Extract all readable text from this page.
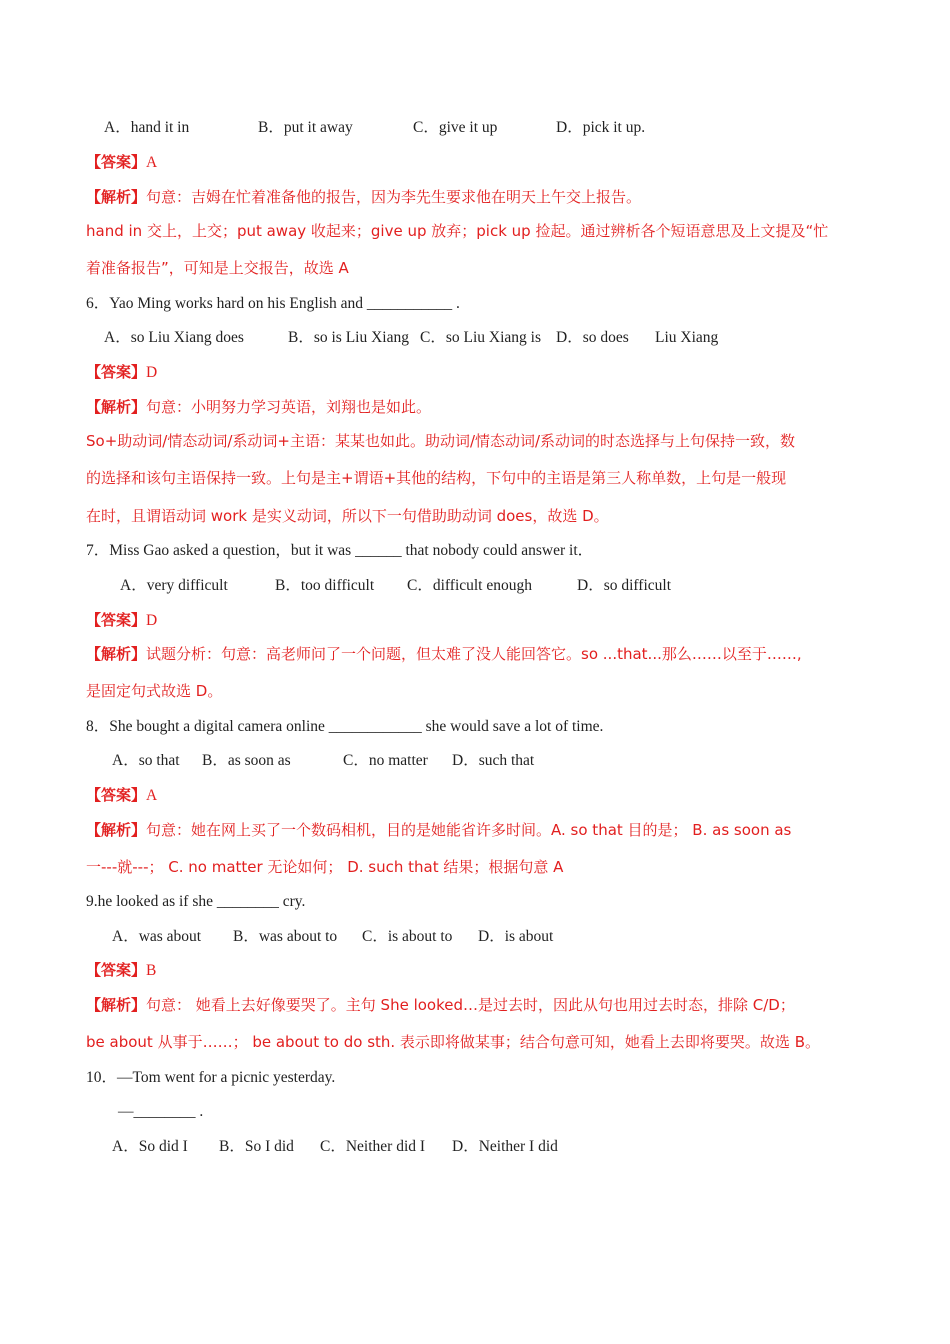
A．hand it in	B．put it away	C．give it up	D．pick it up.
【答案】A
【解析】句意：吉姆在忙着准备他的报告，因为李先生要求他在明天上午交上报告。
hand in 交上，上交；put away 收起来；give up 放弃；pick up 捡起。通过辨析各个短语意思及上文提及“忙
着准备报告”，可知是上交报告，故选 A
6．Yao Ming works hard on his English and ___________ .
A．so Liu Xiang does	B．so is Liu Xiang C．so Liu Xiang is D．so does Liu Xiang
【答案】D
【解析】句意：小明努力学习英语，刘翔也是如此。
So+助动词/情态动词/系动词+主语：某某也如此。助动词/情态动词/系动词的时态选择与上句保持一致，数
的选择和该句主语保持一致。上句是主+谓语+其他的结构，下句中的主语是第三人称单数，上句是一般现
在时，且谓语动词 work 是实义动词，所以下一句借助助动词 does，故选 D。
7．Miss Gao asked a question，but it was ______ that nobody could answer it．
A．very difficult	B．too difficult C．difficult enough	D．so difficult
【答案】D
【解析】试题分析：句意：高老师问了一个问题，但太难了没人能回答它。so ...that...那么……以至于……,
是固定句式故选 D。
8．She bought a digital camera online ____________ she would save a lot of time.
A．so that B．as soon as	C．no matter D．such that
【答案】A
【解析】句意：她在网上买了一个数码相机，目的是她能省许多时间。A. so that 目的是； B. as soon as
一---就---； C. no matter 无论如何； D. such that 结果；根据句意 A
9.he looked as if she ________ cry.
A．was about B．was about to C．is about to D．is about
【答案】B
【解析】句意： 她看上去好像要哭了。主句 She looked…是过去时，因此从句也用过去时态，排除 C/D；
be about 从事于……； be about to do sth. 表示即将做某事；结合句意可知，她看上去即将要哭。故选 B。
10．—Tom went for a picnic yesterday.
—________ .
A．So did I B．So I did C．Neither did I D．Neither I did
